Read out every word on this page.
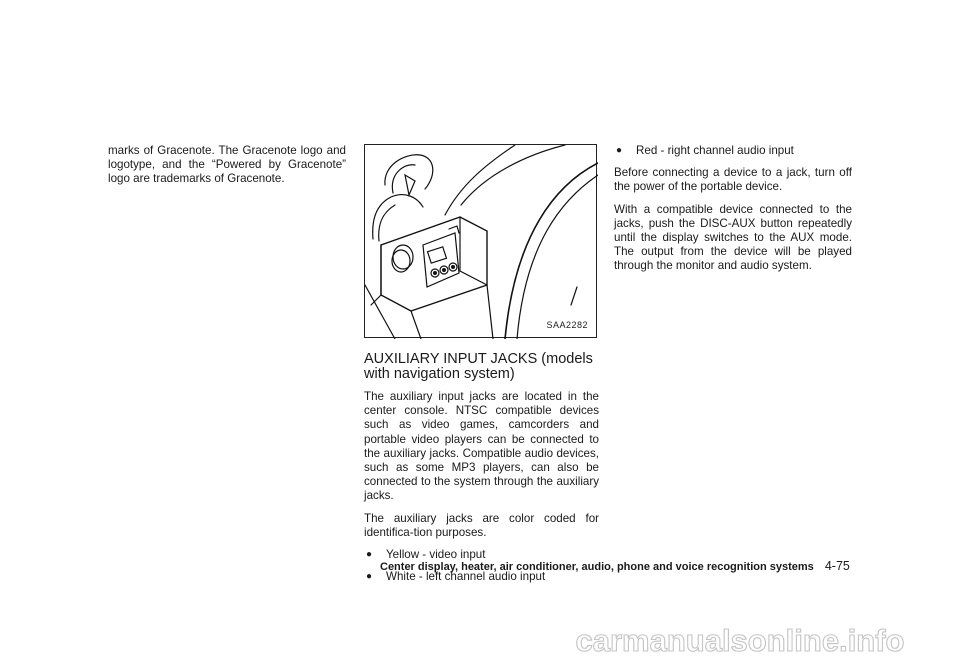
marks of Gracenote. The Gracenote logo and logotype, and the “Powered by Gracenote” logo are trademarks of Gracenote.

SAA2282
AUXILIARY INPUT JACKS (models with navigation system)

The auxiliary input jacks are located in the center console. NTSC compatible devices such as video games, camcorders and portable video players can be connected to the auxiliary jacks. Compatible audio devices, such as some MP3 players, can also be connected to the system through the auxiliary jacks.

The auxiliary jacks are color coded for identifica-tion purposes.

● Yellow - video input
● White - left channel audio input
● Red - right channel audio input

Before connecting a device to a jack, turn off the power of the portable device.

With a compatible device connected to the jacks, push the DISC-AUX button repeatedly until the display switches to the AUX mode. The output from the device will be played through the monitor and audio system.

Center display, heater, air conditioner, audio, phone and voice recognition systems 4-75
carmanualsonline.info
